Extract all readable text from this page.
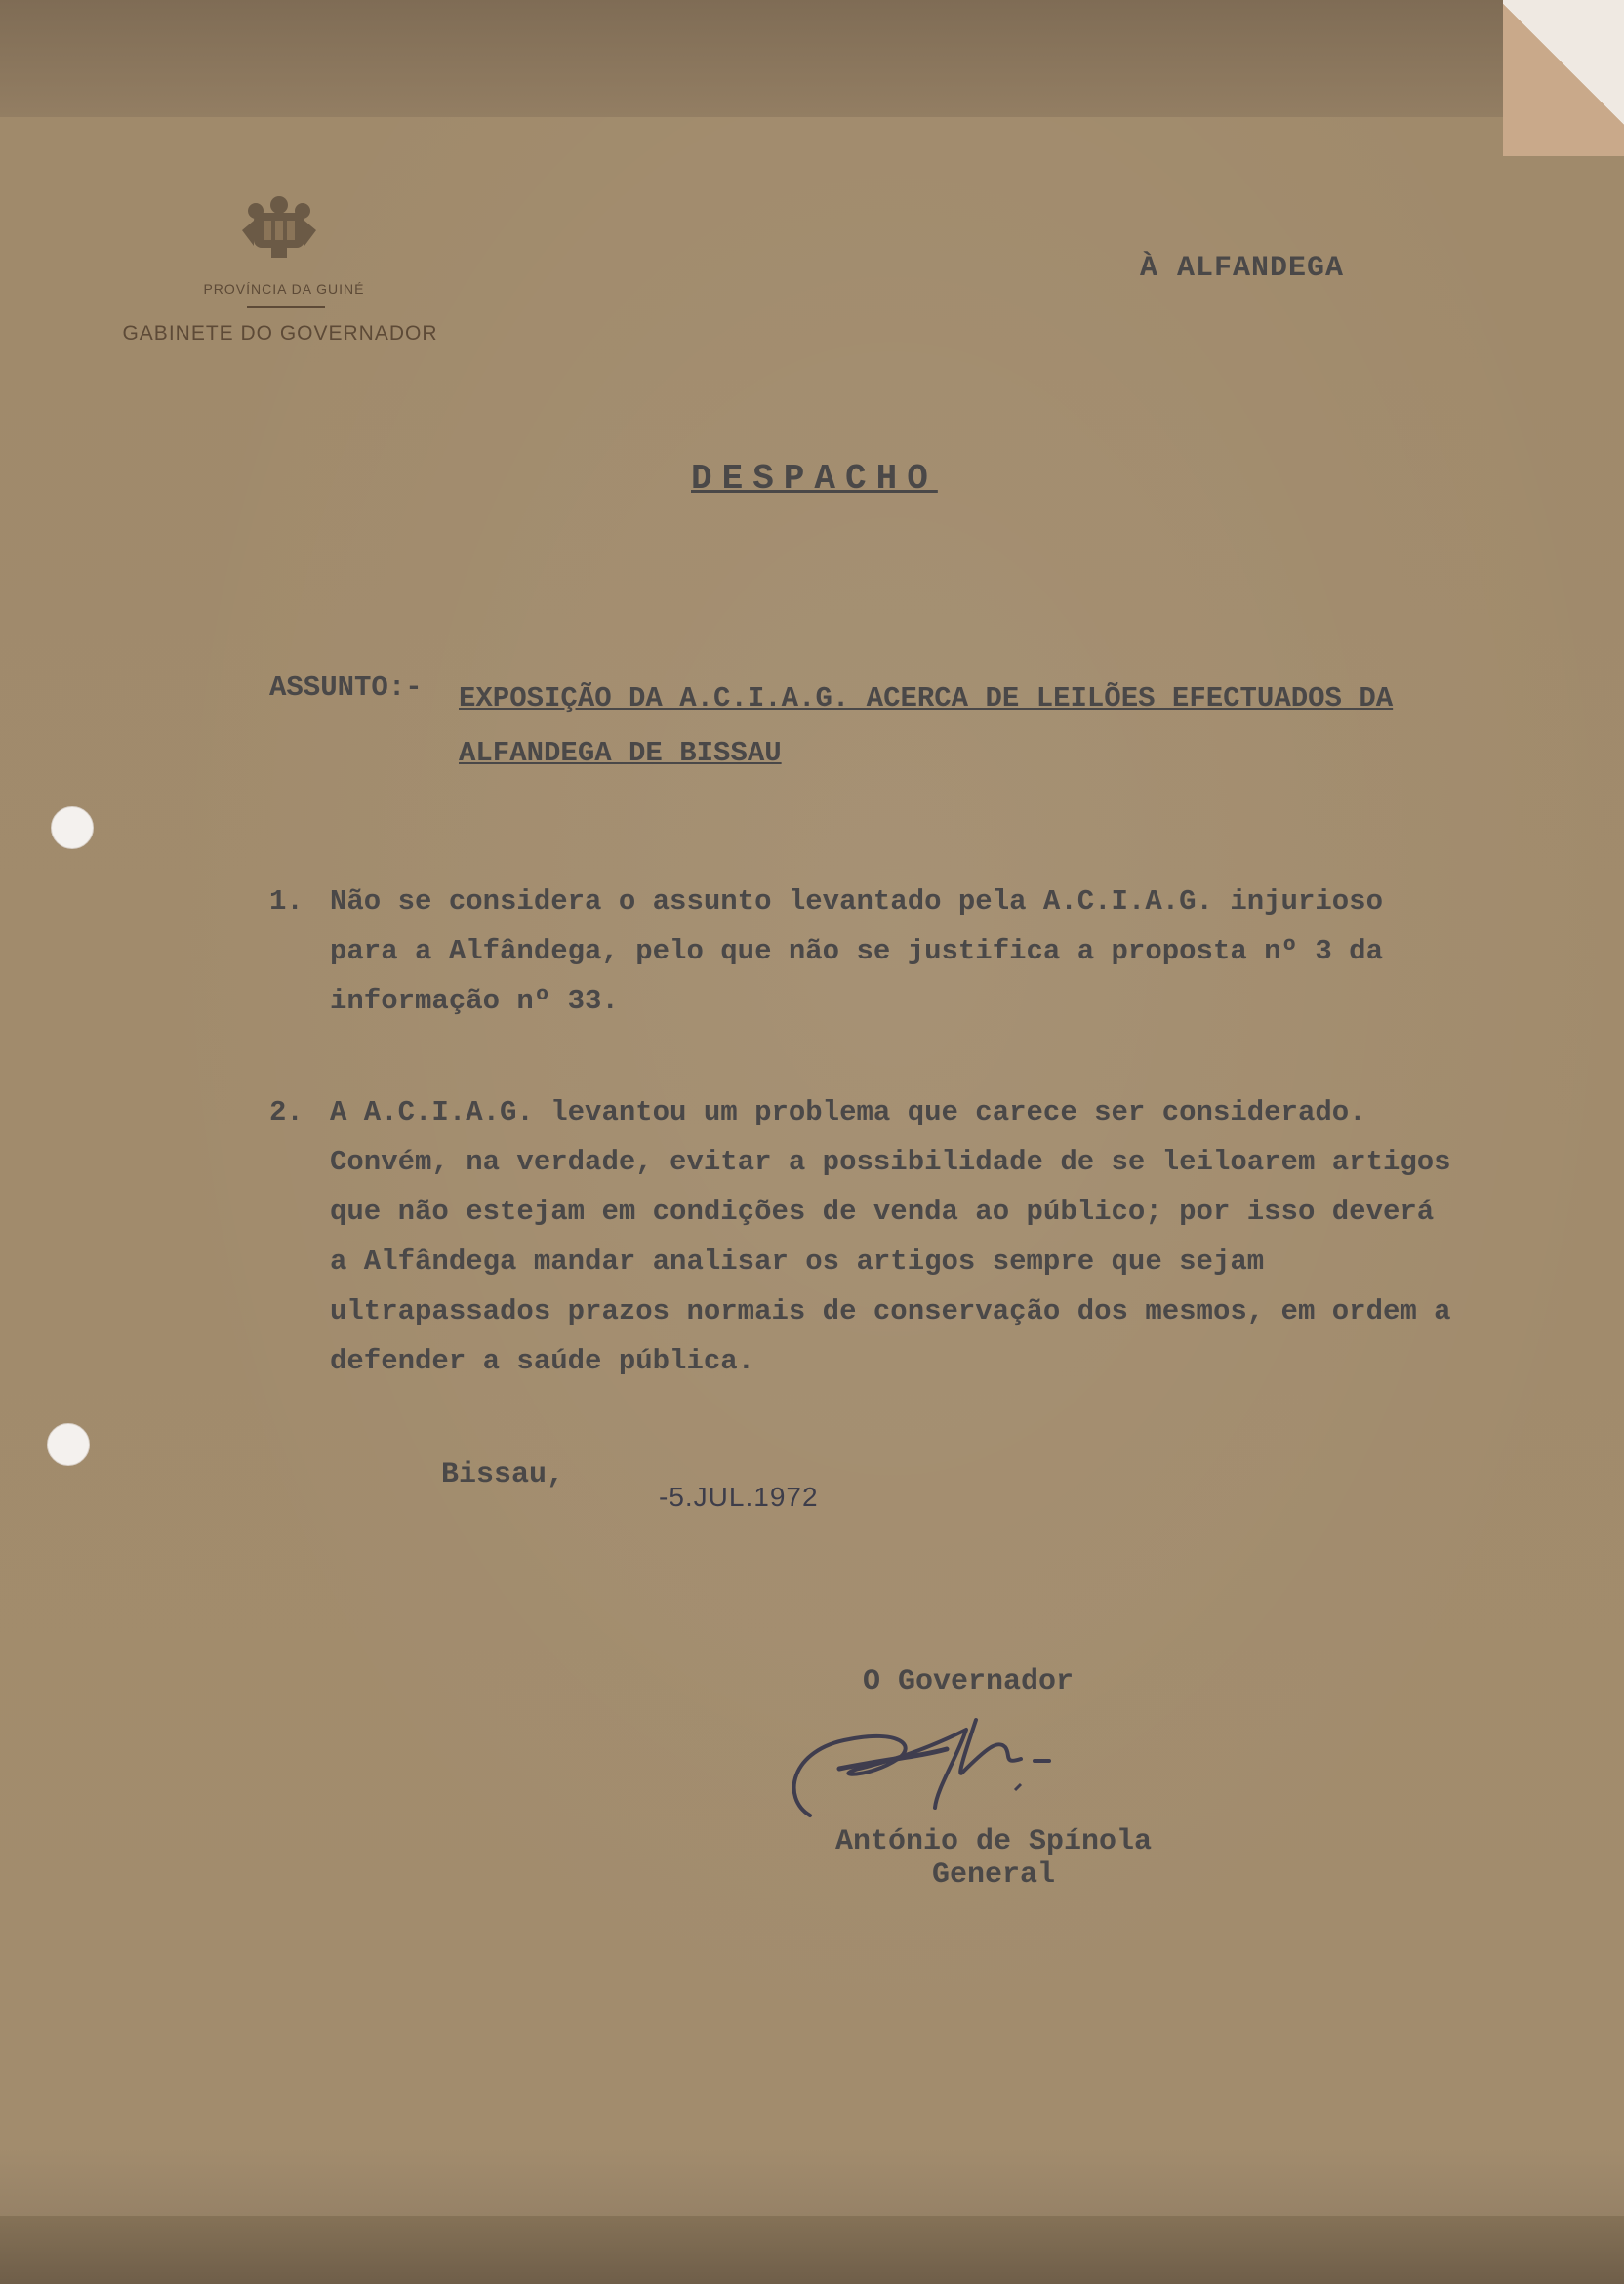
PROVÍNCIA DA GUINÉ
GABINETE DO GOVERNADOR
À ALFANDEGA
DESPACHO
ASSUNTO:- EXPOSIÇÃO DA A.C.I.A.G. ACERCA DE LEILÕES EFECTUADOS DA ALFANDEGA DE BISSAU
1. Não se considera o assunto levantado pela A.C.I.A.G. injurioso para a Alfândega, pelo que não se justifica a proposta nº 3 da informação nº 33.
2. A A.C.I.A.G. levantou um problema que carece ser considerado. Convém, na verdade, evitar a possibilidade de se leiloarem artigos que não estejam em condições de venda ao público; por isso deverá a Alfândega mandar analisar os artigos sempre que sejam ultrapassados prazos normais de conservação dos mesmos, em ordem a defender a saúde pública.
Bissau,
-5.JUL.1972
O Governador
António de Spínola
General
